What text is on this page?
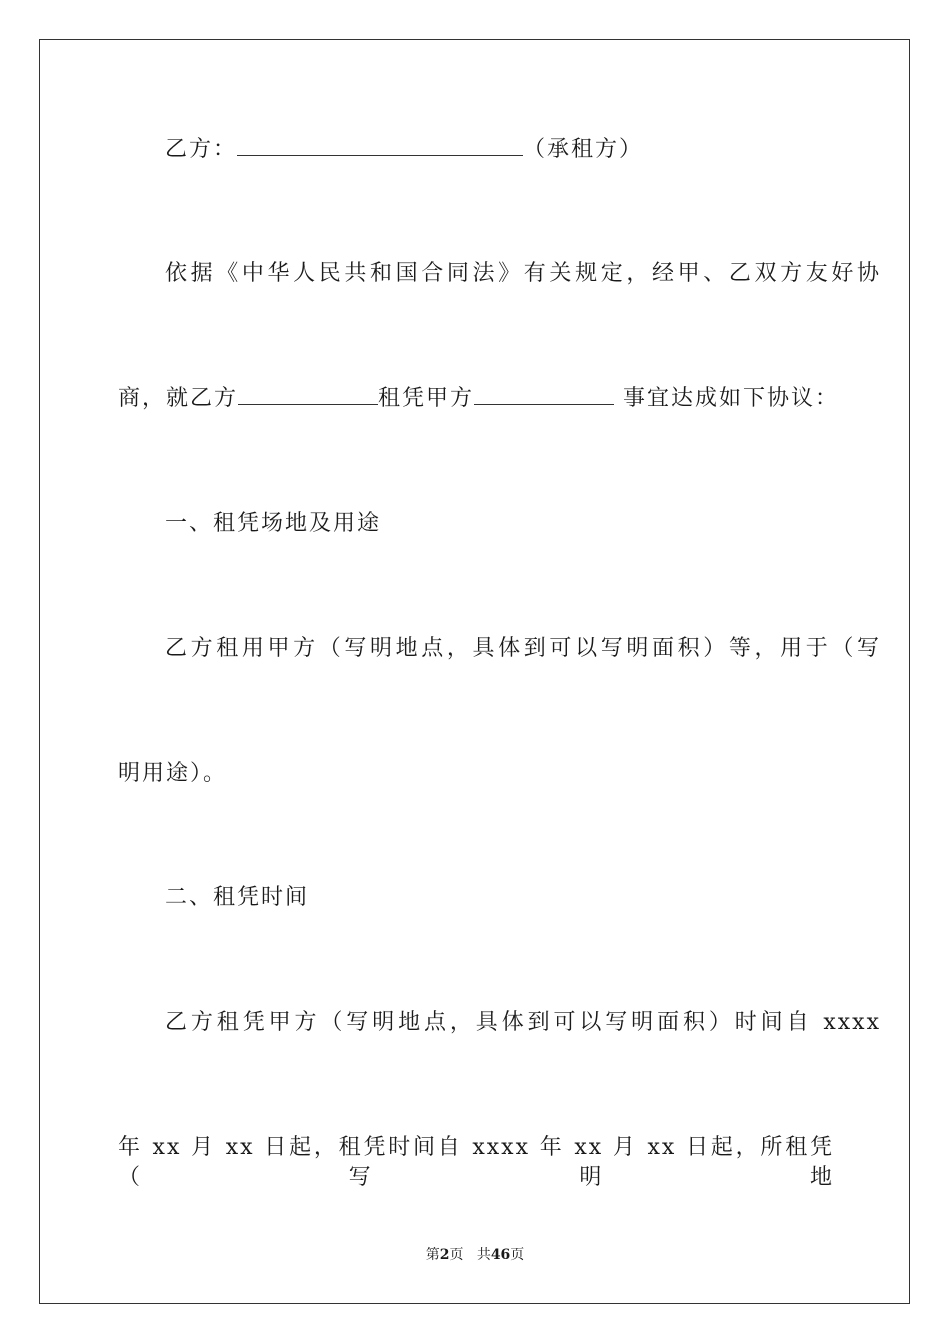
乙方：	（承租方）
依据《中华人民共和国合同法》有关规定，经甲、乙双方友好协
商，就乙方	租凭甲方	事宜达成如下协议：
一、租凭场地及用途
乙方租用甲方（写明地点，具体到可以写明面积）等，用于（写
明用途）。
二、租凭时间
乙方租凭甲方（写明地点，具体到可以写明面积）时间自 xxxx
年 xx 月 xx 日起，租凭时间自 xxxx 年 xx 月 xx 日起，所租凭（写明地
第2页 共46页
